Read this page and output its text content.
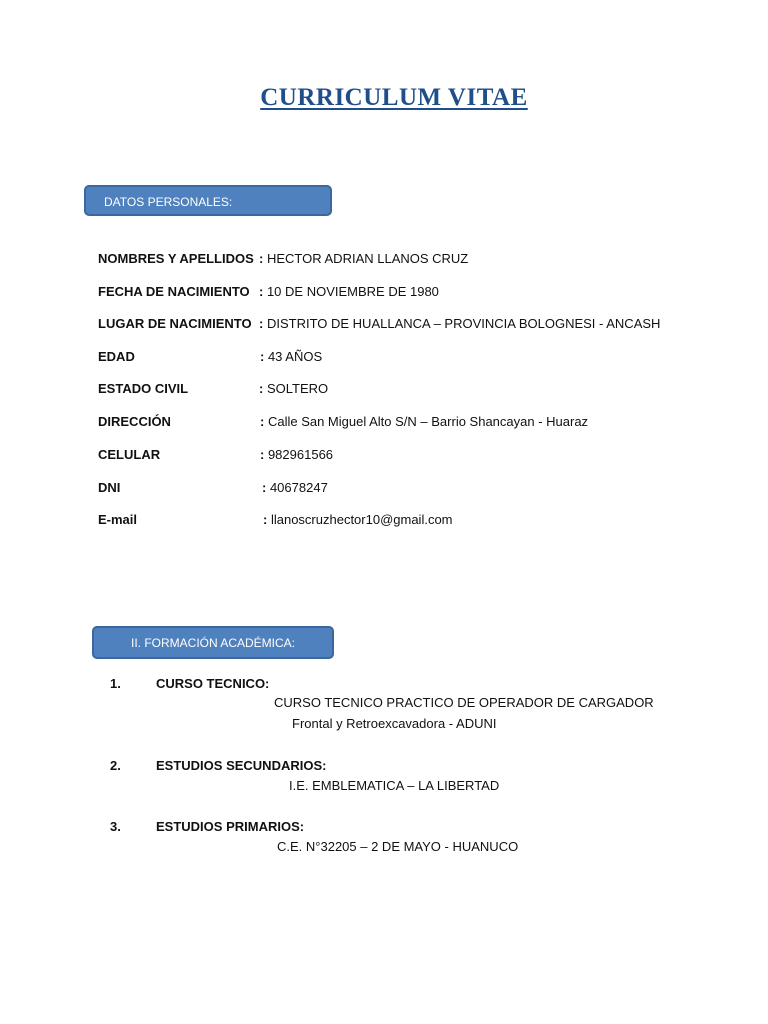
CURRICULUM VITAE
DATOS PERSONALES:
NOMBRES Y APELLIDOS : HECTOR ADRIAN LLANOS CRUZ
FECHA DE NACIMIENTO : 10 DE NOVIEMBRE DE 1980
LUGAR DE NACIMIENTO : DISTRITO DE HUALLANCA – PROVINCIA BOLOGNESI - ANCASH
EDAD	: 43 AÑOS
ESTADO CIVIL	: SOLTERO
DIRECCIÓN	: Calle San Miguel Alto S/N – Barrio Shancayan - Huaraz
CELULAR	: 982961566
DNI	: 40678247
E-mail	: llanoscruzhector10@gmail.com
II. FORMACIÓN ACADÉMICA:
1.	CURSO TECNICO:
CURSO TECNICO PRACTICO DE OPERADOR DE CARGADOR
Frontal y Retroexcavadora - ADUNI
2.	ESTUDIOS SECUNDARIOS:
I.E. EMBLEMATICA – LA LIBERTAD
3.	ESTUDIOS PRIMARIOS:
C.E. N°32205 – 2 DE MAYO - HUANUCO
